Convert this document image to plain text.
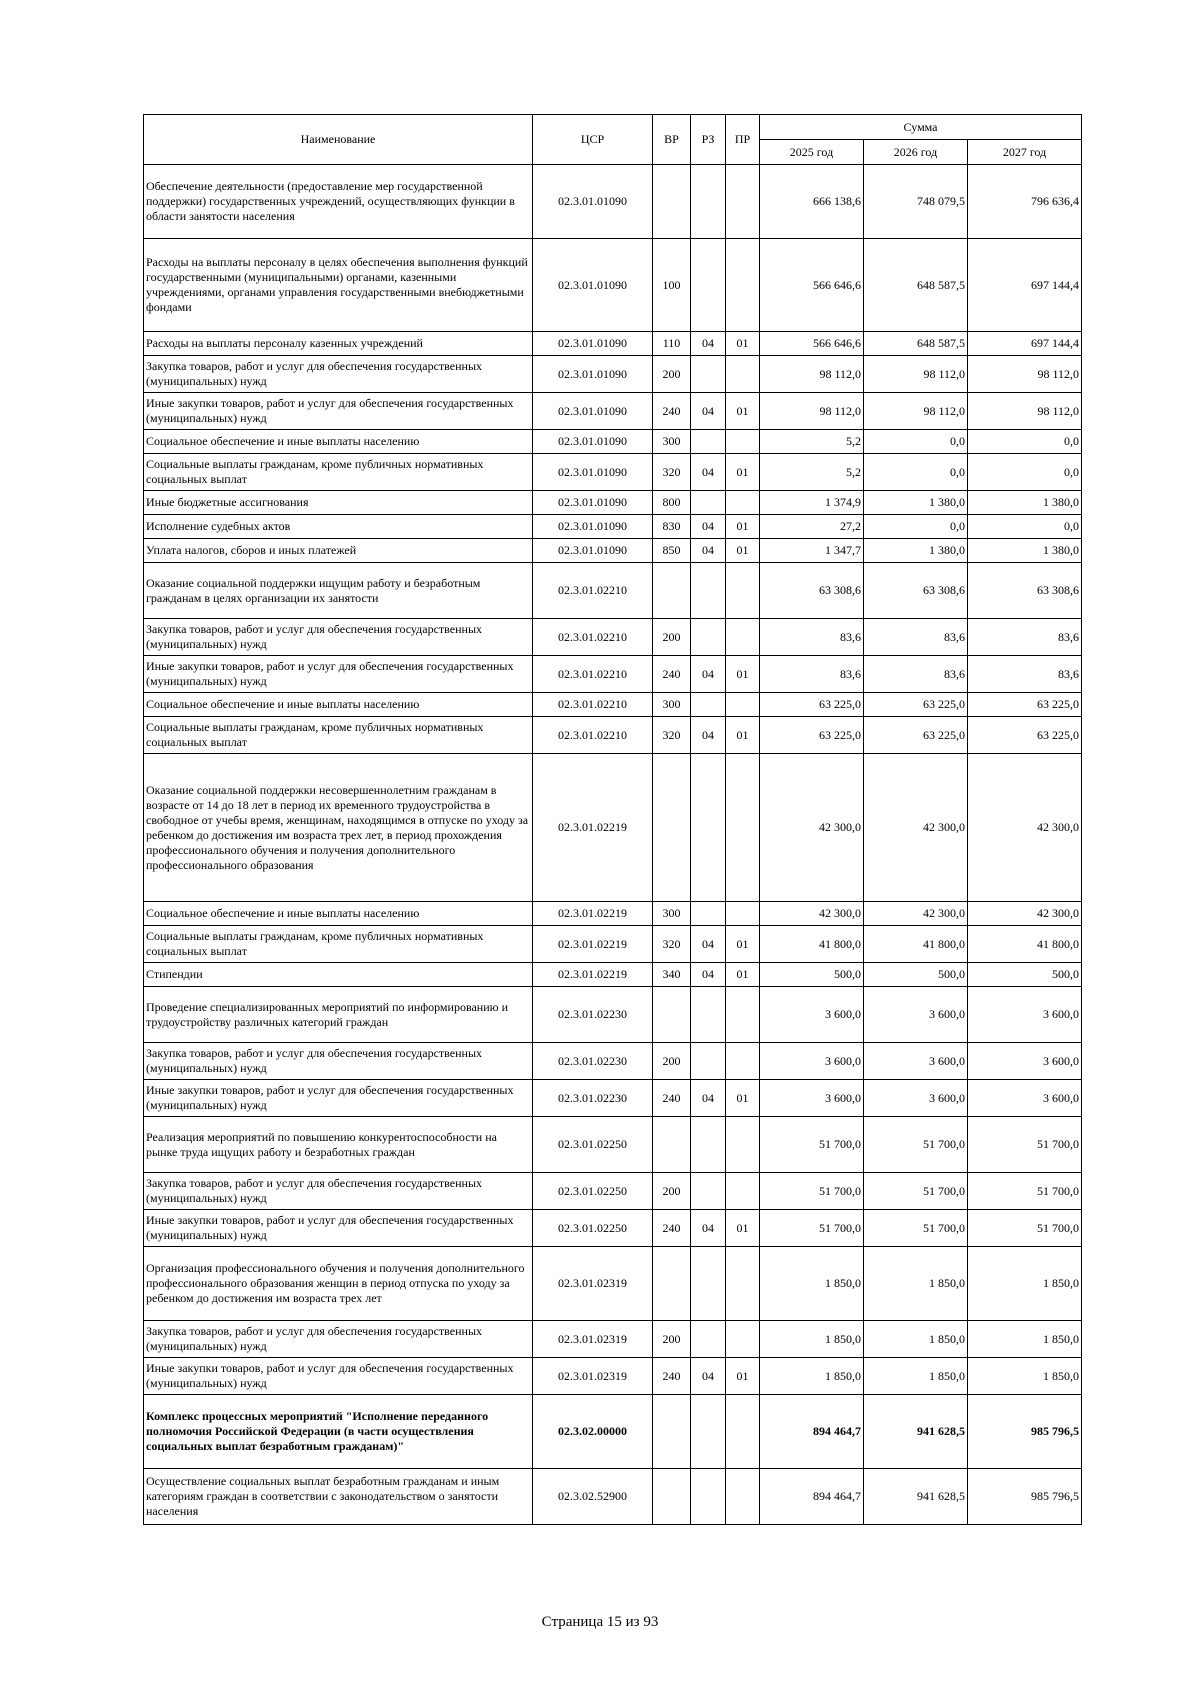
Наименование	ЦСР	ВР	РЗ	ПР	Сумма		
					2025 год	2026 год	2027 год
Обеспечение деятельности (предоставление мер государственной поддержки) государственных учреждений, осуществляющих функции в области занятости населения	02.3.01.01090				666 138,6	748 079,5	796 636,4
Расходы на выплаты персоналу в целях обеспечения выполнения функций государственными (муниципальными) органами, казенными учреждениями, органами управления государственными внебюджетными фондами	02.3.01.01090	100			566 646,6	648 587,5	697 144,4
Расходы на выплаты персоналу казенных учреждений	02.3.01.01090	110	04	01	566 646,6	648 587,5	697 144,4
Закупка товаров, работ и услуг для обеспечения государственных (муниципальных) нужд	02.3.01.01090	200			98 112,0	98 112,0	98 112,0
Иные закупки товаров, работ и услуг для обеспечения государственных (муниципальных) нужд	02.3.01.01090	240	04	01	98 112,0	98 112,0	98 112,0
Социальное обеспечение и иные выплаты населению	02.3.01.01090	300			5,2	0,0	0,0
Социальные выплаты гражданам, кроме публичных нормативных социальных выплат	02.3.01.01090	320	04	01	5,2	0,0	0,0
Иные бюджетные ассигнования	02.3.01.01090	800			1 374,9	1 380,0	1 380,0
Исполнение судебных актов	02.3.01.01090	830	04	01	27,2	0,0	0,0
Уплата налогов, сборов и иных платежей	02.3.01.01090	850	04	01	1 347,7	1 380,0	1 380,0
Оказание социальной поддержки ищущим работу и безработным гражданам в целях организации их занятости	02.3.01.02210				63 308,6	63 308,6	63 308,6
Закупка товаров, работ и услуг для обеспечения государственных (муниципальных) нужд	02.3.01.02210	200			83,6	83,6	83,6
Иные закупки товаров, работ и услуг для обеспечения государственных (муниципальных) нужд	02.3.01.02210	240	04	01	83,6	83,6	83,6
Социальное обеспечение и иные выплаты населению	02.3.01.02210	300			63 225,0	63 225,0	63 225,0
Социальные выплаты гражданам, кроме публичных нормативных социальных выплат	02.3.01.02210	320	04	01	63 225,0	63 225,0	63 225,0
Оказание социальной поддержки несовершеннолетним гражданам в возрасте от 14 до 18 лет в период их временного трудоустройства в свободное от учебы время, женщинам, находящимся в отпуске по уходу за ребенком до достижения им возраста трех лет, в период прохождения профессионального обучения и получения дополнительного профессионального образования	02.3.01.02219				42 300,0	42 300,0	42 300,0
Социальное обеспечение и иные выплаты населению	02.3.01.02219	300			42 300,0	42 300,0	42 300,0
Социальные выплаты гражданам, кроме публичных нормативных социальных выплат	02.3.01.02219	320	04	01	41 800,0	41 800,0	41 800,0
Стипендии	02.3.01.02219	340	04	01	500,0	500,0	500,0
Проведение специализированных мероприятий по информированию и трудоустройству различных категорий граждан	02.3.01.02230				3 600,0	3 600,0	3 600,0
Закупка товаров, работ и услуг для обеспечения государственных (муниципальных) нужд	02.3.01.02230	200			3 600,0	3 600,0	3 600,0
Иные закупки товаров, работ и услуг для обеспечения государственных (муниципальных) нужд	02.3.01.02230	240	04	01	3 600,0	3 600,0	3 600,0
Реализация мероприятий по повышению конкурентоспособности на рынке труда ищущих работу и безработных граждан	02.3.01.02250				51 700,0	51 700,0	51 700,0
Закупка товаров, работ и услуг для обеспечения государственных (муниципальных) нужд	02.3.01.02250	200			51 700,0	51 700,0	51 700,0
Иные закупки товаров, работ и услуг для обеспечения государственных (муниципальных) нужд	02.3.01.02250	240	04	01	51 700,0	51 700,0	51 700,0
Организация профессионального обучения и получения дополнительного профессионального образования женщин в период отпуска по уходу за ребенком до достижения им возраста трех лет	02.3.01.02319				1 850,0	1 850,0	1 850,0
Закупка товаров, работ и услуг для обеспечения государственных (муниципальных) нужд	02.3.01.02319	200			1 850,0	1 850,0	1 850,0
Иные закупки товаров, работ и услуг для обеспечения государственных (муниципальных) нужд	02.3.01.02319	240	04	01	1 850,0	1 850,0	1 850,0
Комплекс процессных мероприятий "Исполнение переданного полномочия Российской Федерации (в части осуществления социальных выплат безработным гражданам)"	02.3.02.00000				894 464,7	941 628,5	985 796,5
Осуществление социальных выплат безработным гражданам и иным категориям граждан в соответствии с законодательством о занятости населения	02.3.02.52900				894 464,7	941 628,5	985 796,5
Страница 15 из 93
